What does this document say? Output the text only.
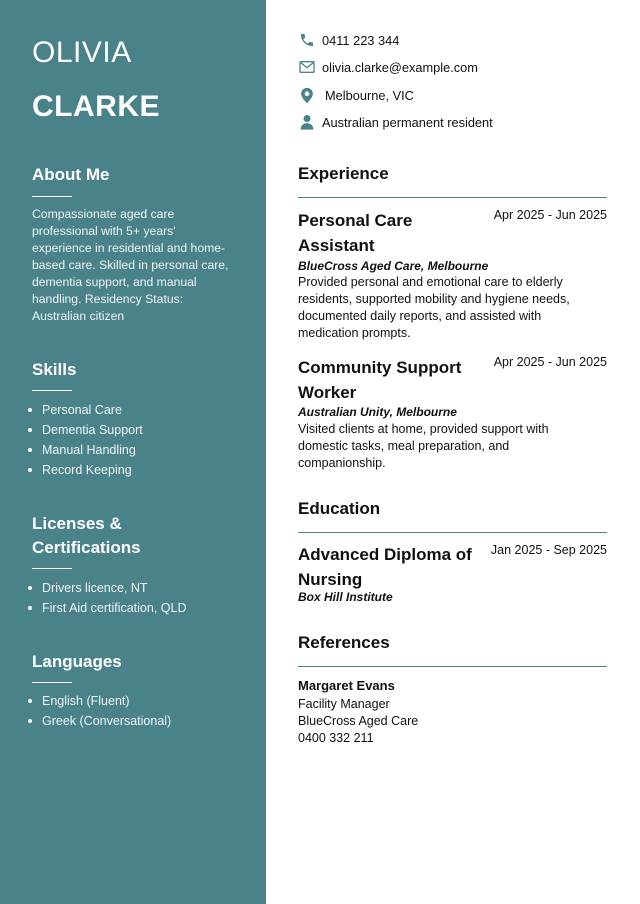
OLIVIA
CLARKE
About Me
Compassionate aged care professional with 5+ years' experience in residential and home-based care. Skilled in personal care, dementia support, and manual handling. Residency Status: Australian citizen
Skills
Personal Care
Dementia Support
Manual Handling
Record Keeping
Licenses &
Certifications
Drivers licence, NT
First Aid certification, QLD
Languages
English (Fluent)
Greek (Conversational)
0411 223 344
olivia.clarke@example.com
Melbourne, VIC
Australian permanent resident
Experience
Personal Care
Assistant
Apr 2025 - Jun 2025
BlueCross Aged Care, Melbourne
Provided personal and emotional care to elderly residents, supported mobility and hygiene needs, documented daily reports, and assisted with medication prompts.
Community Support
Worker
Apr 2025 - Jun 2025
Australian Unity, Melbourne
Visited clients at home, provided support with domestic tasks, meal preparation, and companionship.
Education
Advanced Diploma of
Nursing
Jan 2025 - Sep 2025
Box Hill Institute
References
Margaret Evans
Facility Manager
BlueCross Aged Care
0400 332 211
